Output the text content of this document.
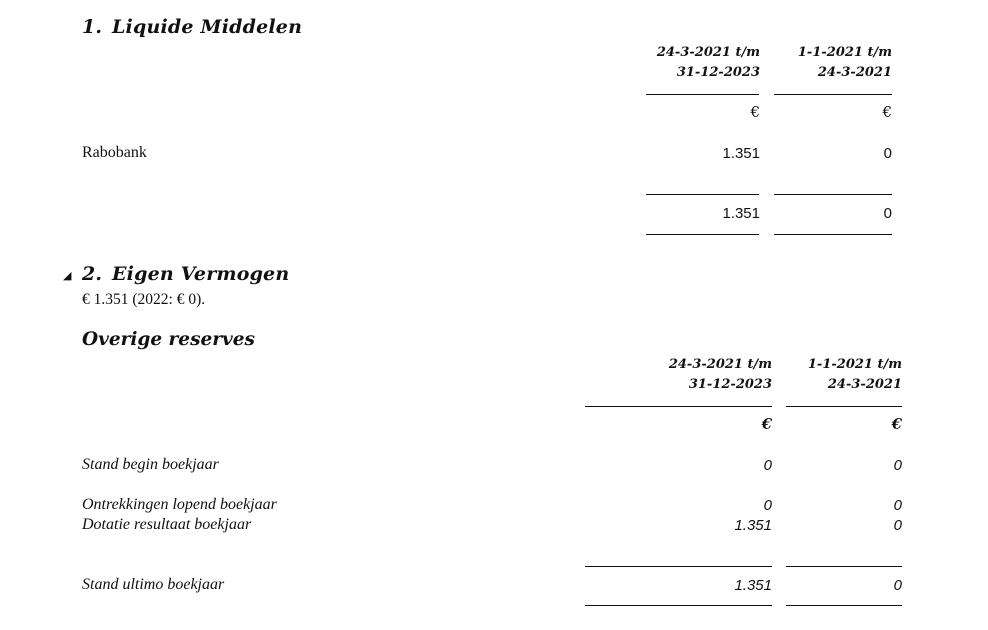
1. Liquide Middelen
24-3-2021 t/m
31-12-2023
1-1-2021 t/m
24-3-2021
€	€
Rabobank	1.351	0
1.351	0
◢ 2. Eigen Vermogen
€ 1.351 (2022: € 0).
Overige reserves
24-3-2021 t/m
31-12-2023
1-1-2021 t/m
24-3-2021
€	€
Stand begin boekjaar	0	0
Ontrekkingen lopend boekjaar	0	0
Dotatie resultaat boekjaar	1.351	0
Stand ultimo boekjaar	1.351	0
